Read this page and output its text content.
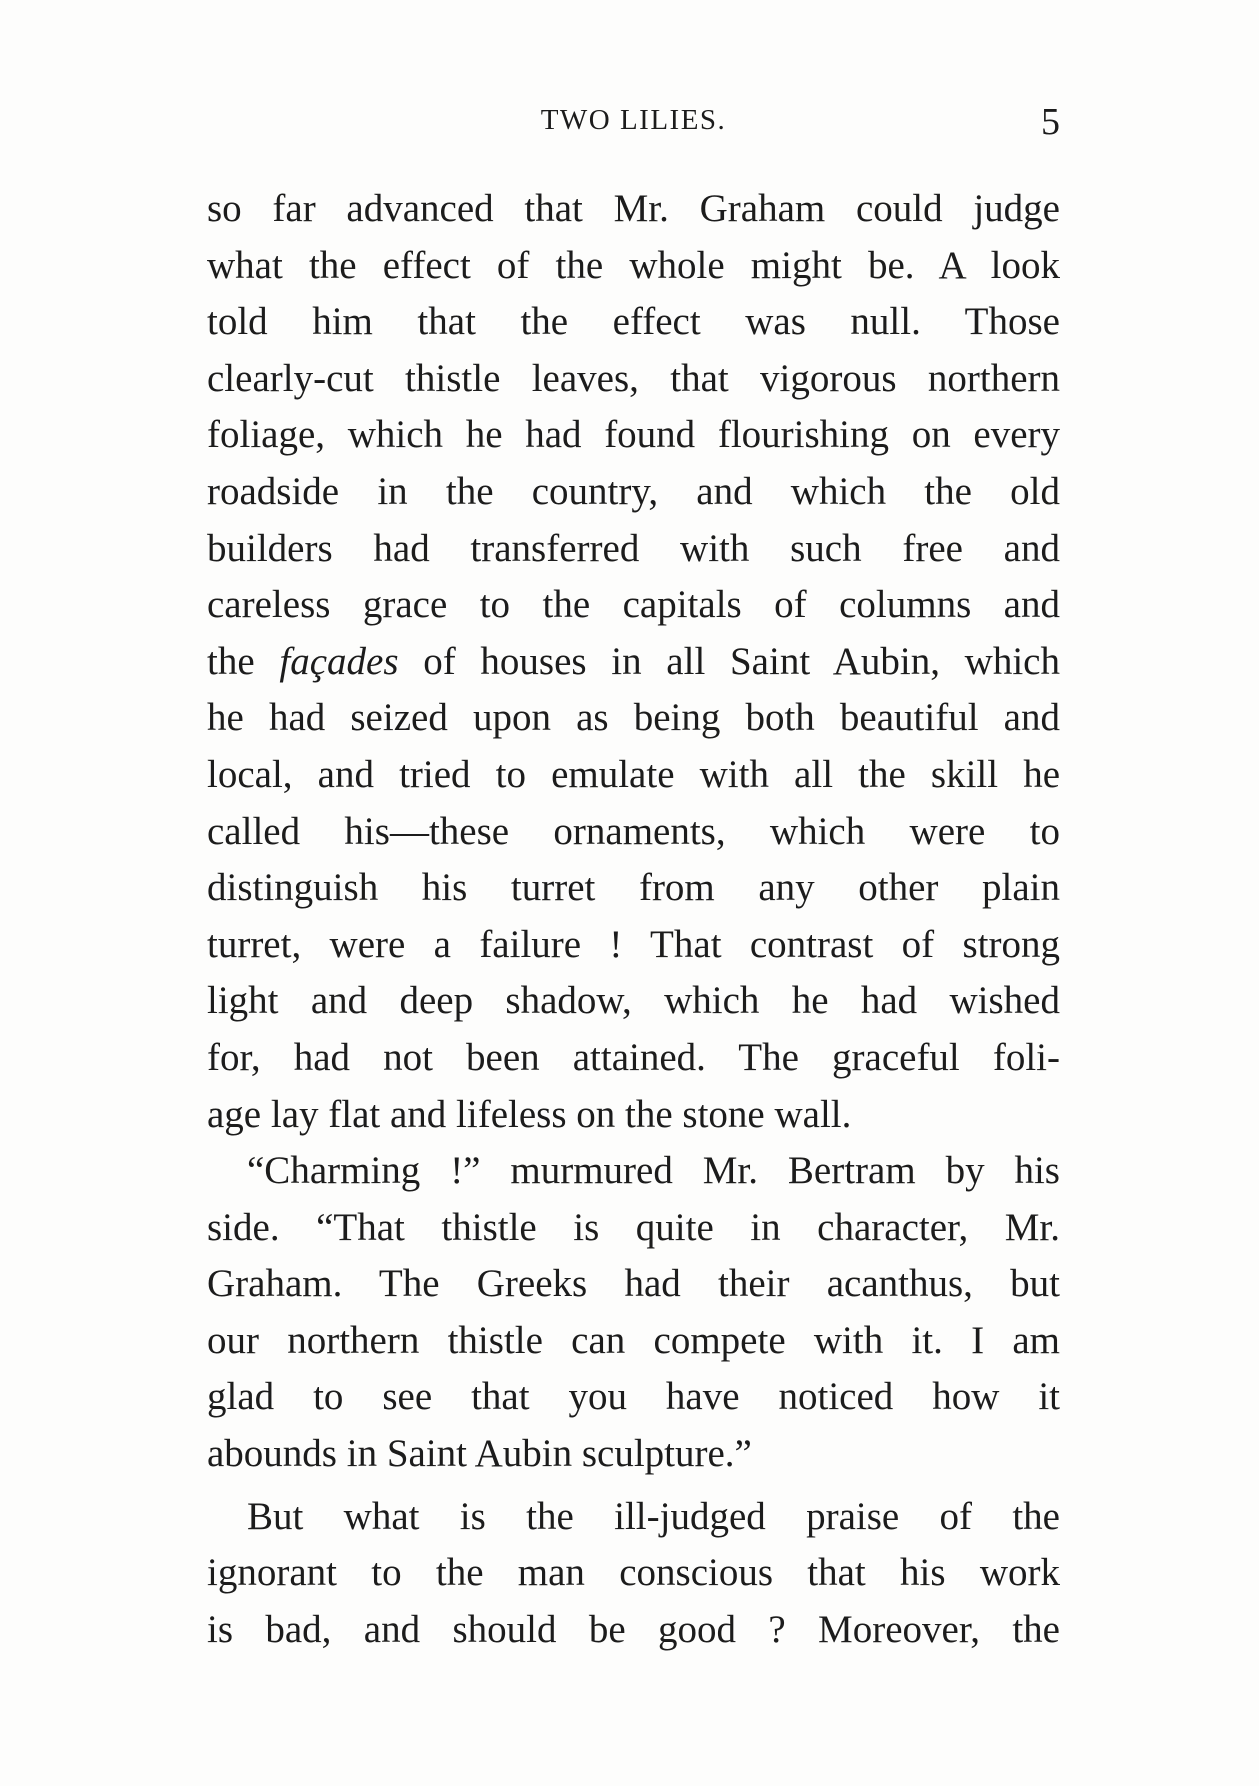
TWO LILIES.	5
so far advanced that Mr. Graham could judge
what the effect of the whole might be. A look
told him that the effect was null. Those
clearly-cut thistle leaves, that vigorous northern
foliage, which he had found flourishing on every
roadside in the country, and which the old
builders had transferred with such free and
careless grace to the capitals of columns and
the façades of houses in all Saint Aubin, which
he had seized upon as being both beautiful and
local, and tried to emulate with all the skill he
called his—these ornaments, which were to
distinguish his turret from any other plain
turret, were a failure ! That contrast of strong
light and deep shadow, which he had wished
for, had not been attained. The graceful foli-
age lay flat and lifeless on the stone wall.
“Charming !” murmured Mr. Bertram by his
side. “That thistle is quite in character, Mr.
Graham. The Greeks had their acanthus, but
our northern thistle can compete with it. I am
glad to see that you have noticed how it
abounds in Saint Aubin sculpture.”
But what is the ill-judged praise of the
ignorant to the man conscious that his work
is bad, and should be good ? Moreover, the
